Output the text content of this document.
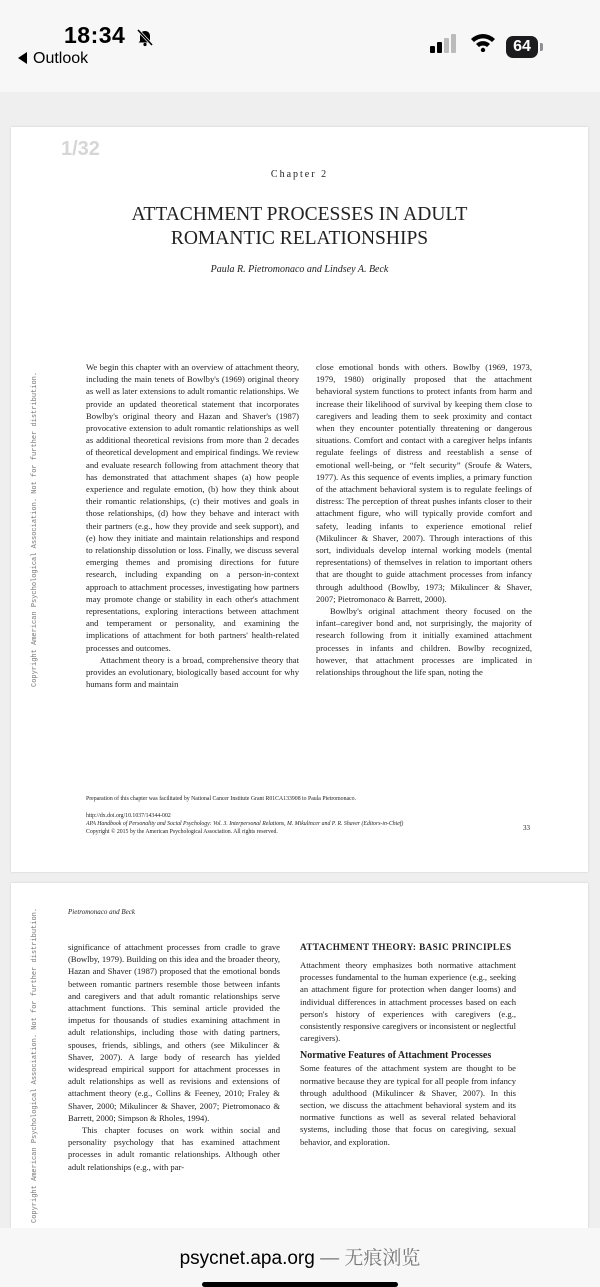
18:34
Outlook
64
1/32
Chapter 2
ATTACHMENT PROCESSES IN ADULT
ROMANTIC RELATIONSHIPS
Paula R. Pietromonaco and Lindsey A. Beck
Copyright American Psychological Association. Not for further distribution.

We begin this chapter with an overview of attachment theory, including the main tenets of Bowlby's (1969) original theory as well as later extensions to adult romantic relationships. We provide an updated theoretical statement that incorporates Bowlby's original theory and Hazan and Shaver's (1987) provocative extension to adult romantic relationships as well as additional theoretical revisions from more than 2 decades of theoretical development and empirical findings. We review and evaluate research following from attachment theory that has demonstrated that attachment shapes (a) how people experience and regulate emotion, (b) how they think about their romantic relationships, (c) their motives and goals in those relationships, (d) how they behave and interact with their partners (e.g., how they provide and seek support), and (e) how they initiate and maintain relationships and respond to relationship dissolution or loss. Finally, we discuss several emerging themes and promising directions for future research, including expanding on a person-in-context approach to attachment processes, investigating how partners may promote change or stability in each other's attachment representations, exploring interactions between attachment and temperament or personality, and examining the implications of attachment for both partners' health-related processes and outcomes.

Attachment theory is a broad, comprehensive theory that provides an evolutionary, biologically based account for why humans form and maintain

close emotional bonds with others. Bowlby (1969, 1973, 1979, 1980) originally proposed that the attachment behavioral system functions to protect infants from harm and increase their likelihood of survival by keeping them close to caregivers and leading them to seek proximity and contact when they encounter potentially threatening or dangerous situations. Comfort and contact with a caregiver helps infants regulate feelings of distress and reestablish a sense of emotional well-being, or “felt security” (Sroufe & Waters, 1977). As this sequence of events implies, a primary function of the attachment behavioral system is to regulate feelings of distress: The perception of threat pushes infants closer to their attachment figure, who will typically provide comfort and safety, leading infants to experience emotional relief (Mikulincer & Shaver, 2007). Through interactions of this sort, individuals develop internal working models (mental representations) of themselves in relation to important others that are thought to guide attachment processes from infancy through adulthood (Bowlby, 1973; Mikulincer & Shaver, 2007; Pietromonaco & Barrett, 2000).

Bowlby's original attachment theory focused on the infant–caregiver bond and, not surprisingly, the majority of research following from it initially examined attachment processes in infants and children. Bowlby recognized, however, that attachment processes are implicated in relationships throughout the life span, noting the

Preparation of this chapter was facilitated by National Cancer Institute Grant R01CA133908 to Paula Pietromonaco.
http://dx.doi.org/10.1037/14344-002
APA Handbook of Personality and Social Psychology: Vol. 3. Interpersonal Relations, M. Mikulincer and P. R. Shaver (Editors-in-Chief)
Copyright © 2015 by the American Psychological Association. All rights reserved.	33
Pietromonaco and Beck
Copyright American Psychological Association. Not for further distribution.	significance of attachment processes from cradle to grave (Bowlby, 1979). Building on this idea and the broader theory, Hazan and Shaver (1987) proposed that the emotional bonds between romantic partners resemble those between infants and caregivers and that adult romantic relationships serve attachment functions. This seminal article provided the impetus for thousands of studies examining attachment in adult relationships, including those with dating partners, spouses, friends, siblings, and others (see Mikulincer & Shaver, 2007). A large body of research has yielded widespread empirical support for attachment processes in adult relationships as well as revisions and extensions of attachment theory (e.g., Collins & Feeney, 2010; Fraley & Shaver, 2000; Mikulincer & Shaver, 2007; Pietromonaco & Barrett, 2000; Simpson & Rholes, 1994).

This chapter focuses on work within social and personality psychology that has examined attachment processes in adult romantic relationships. Although other adult relationships (e.g., with par-

ATTACHMENT THEORY: BASIC PRINCIPLES

Attachment theory emphasizes both normative attachment processes fundamental to the human experience (e.g., seeking an attachment figure for protection when danger looms) and individual differences in attachment processes based on each person's history of experiences with caregivers (e.g., consistently responsive caregivers or inconsistent or neglectful caregivers).

Normative Features of Attachment Processes

Some features of the attachment system are thought to be normative because they are typical for all people from infancy through adulthood (Mikulincer & Shaver, 2007). In this section, we discuss the attachment behavioral system and its normative functions as well as several related behavioral systems, including those that focus on caregiving, sexual behavior, and exploration.

psycnet.apa.org — 无痕浏览
